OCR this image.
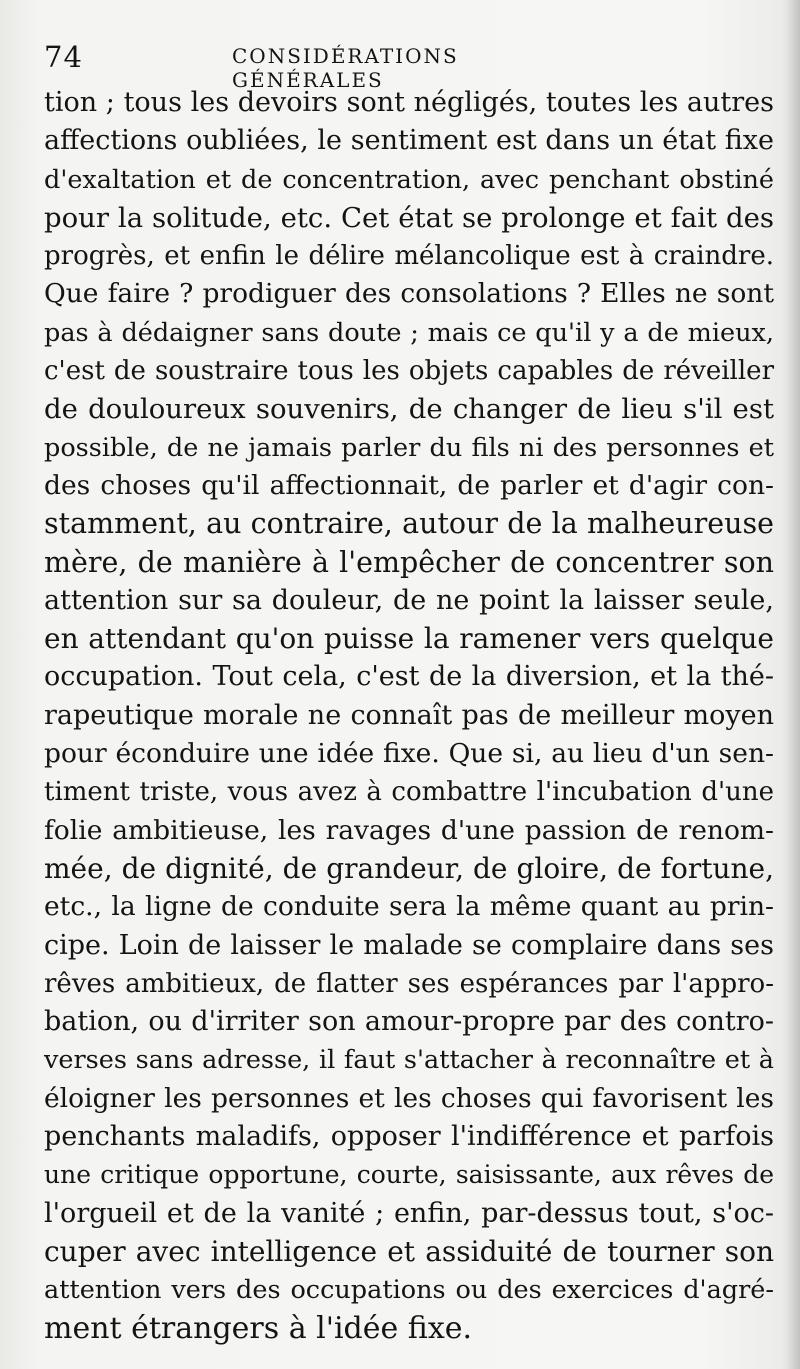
74	CONSIDÉRATIONS GÉNÉRALES
tion ; tous les devoirs sont négligés, toutes les autres
affections oubliées, le sentiment est dans un état fixe
d'exaltation et de concentration, avec penchant obstiné
pour la solitude, etc. Cet état se prolonge et fait des
progrès, et enfin le délire mélancolique est à craindre.
Que faire ? prodiguer des consolations ? Elles ne sont
pas à dédaigner sans doute ; mais ce qu'il y a de mieux,
c'est de soustraire tous les objets capables de réveiller
de douloureux souvenirs, de changer de lieu s'il est
possible, de ne jamais parler du fils ni des personnes et
des choses qu'il affectionnait, de parler et d'agir con-
stamment, au contraire, autour de la malheureuse
mère, de manière à l'empêcher de concentrer son
attention sur sa douleur, de ne point la laisser seule,
en attendant qu'on puisse la ramener vers quelque
occupation. Tout cela, c'est de la diversion, et la thé-
rapeutique morale ne connaît pas de meilleur moyen
pour éconduire une idée fixe. Que si, au lieu d'un sen-
timent triste, vous avez à combattre l'incubation d'une
folie ambitieuse, les ravages d'une passion de renom-
mée, de dignité, de grandeur, de gloire, de fortune,
etc., la ligne de conduite sera la même quant au prin-
cipe. Loin de laisser le malade se complaire dans ses
rêves ambitieux, de flatter ses espérances par l'appro-
bation, ou d'irriter son amour-propre par des contro-
verses sans adresse, il faut s'attacher à reconnaître et à
éloigner les personnes et les choses qui favorisent les
penchants maladifs, opposer l'indifférence et parfois
une critique opportune, courte, saisissante, aux rêves de
l'orgueil et de la vanité ; enfin, par-dessus tout, s'oc-
cuper avec intelligence et assiduité de tourner son
attention vers des occupations ou des exercices d'agré-
ment étrangers à l'idée fixe.
